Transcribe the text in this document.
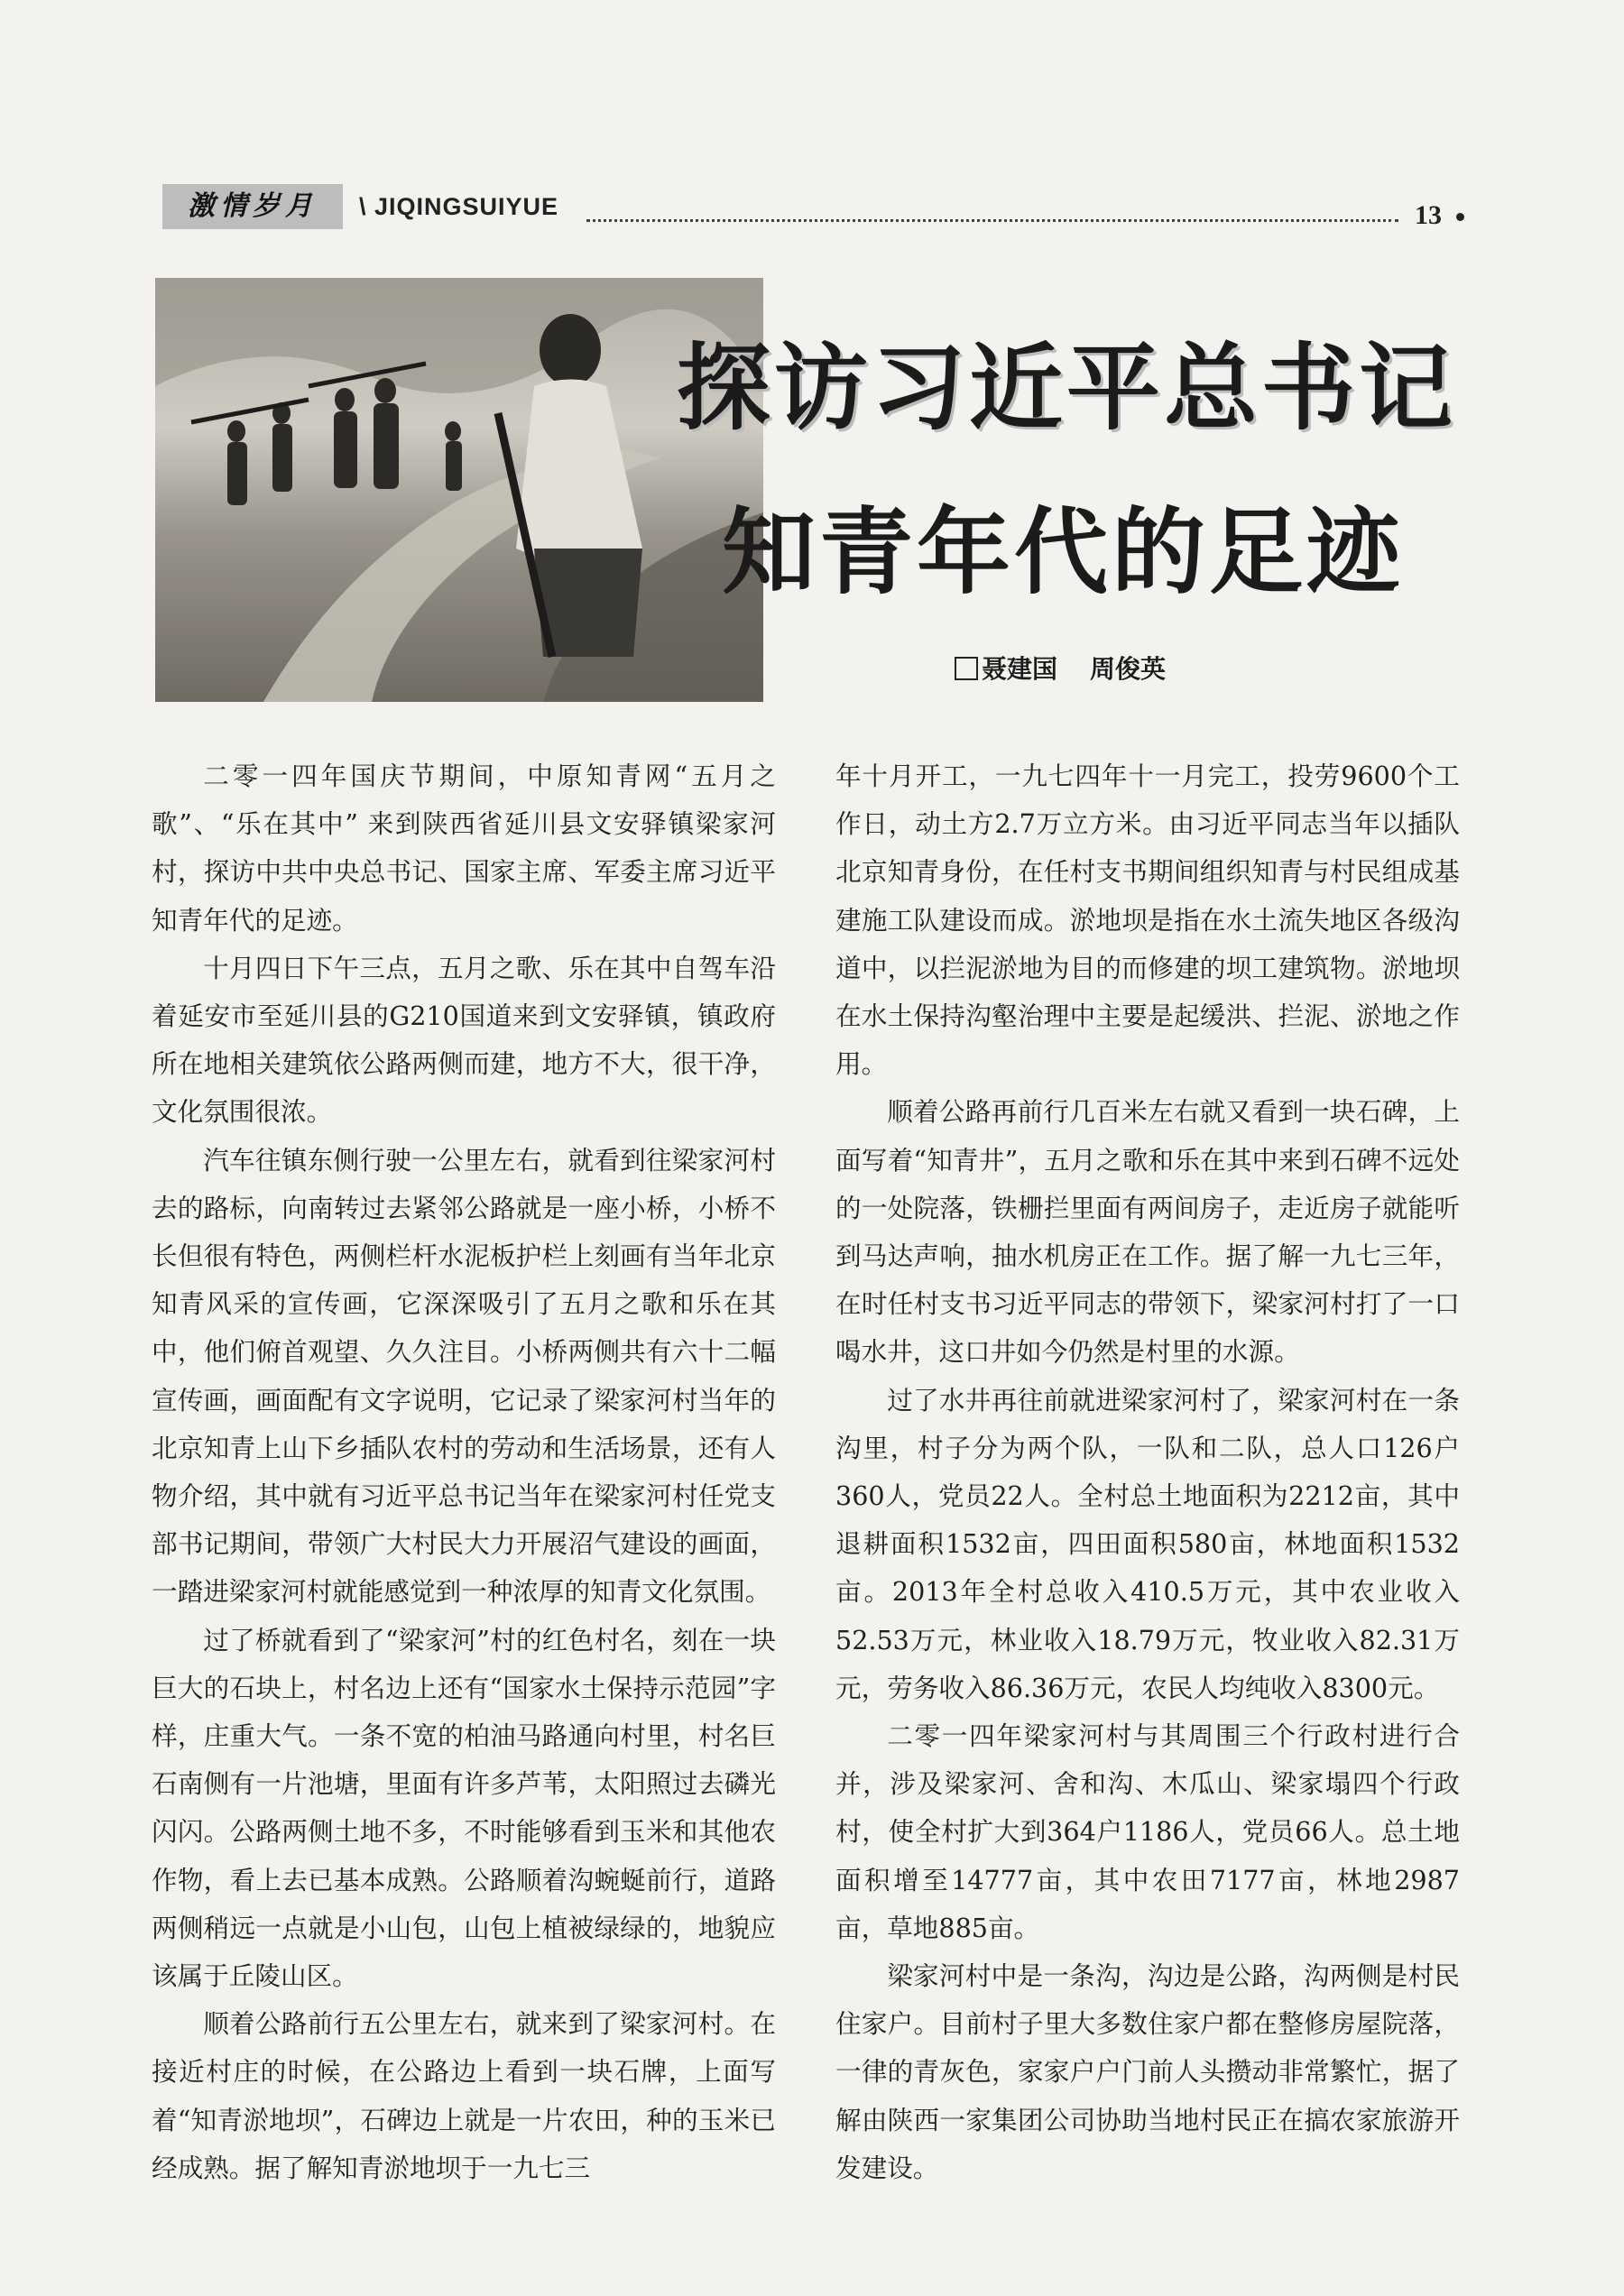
激情岁月	\ JIQINGSUIYUE	13
探访习近平总书记
知青年代的足迹
聂建国 周俊英

二零一四年国庆节期间，中原知青网“五月之歌”、“乐在其中” 来到陕西省延川县文安驿镇梁家河村，探访中共中央总书记、国家主席、军委主席习近平知青年代的足迹。

十月四日下午三点，五月之歌、乐在其中自驾车沿着延安市至延川县的G210国道来到文安驿镇，镇政府所在地相关建筑依公路两侧而建，地方不大，很干净，文化氛围很浓。

汽车往镇东侧行驶一公里左右，就看到往梁家河村去的路标，向南转过去紧邻公路就是一座小桥，小桥不长但很有特色，两侧栏杆水泥板护栏上刻画有当年北京知青风采的宣传画，它深深吸引了五月之歌和乐在其中，他们俯首观望、久久注目。小桥两侧共有六十二幅宣传画，画面配有文字说明，它记录了梁家河村当年的北京知青上山下乡插队农村的劳动和生活场景，还有人物介绍，其中就有习近平总书记当年在梁家河村任党支部书记期间，带领广大村民大力开展沼气建设的画面，一踏进梁家河村就能感觉到一种浓厚的知青文化氛围。

过了桥就看到了“梁家河”村的红色村名，刻在一块巨大的石块上，村名边上还有“国家水土保持示范园”字样，庄重大气。一条不宽的柏油马路通向村里，村名巨石南侧有一片池塘，里面有许多芦苇，太阳照过去磷光闪闪。公路两侧土地不多，不时能够看到玉米和其他农作物，看上去已基本成熟。公路顺着沟蜿蜒前行，道路两侧稍远一点就是小山包，山包上植被绿绿的，地貌应该属于丘陵山区。

顺着公路前行五公里左右，就来到了梁家河村。在接近村庄的时候，在公路边上看到一块石牌，上面写着“知青淤地坝”，石碑边上就是一片农田，种的玉米已经成熟。据了解知青淤地坝于一九七三

年十月开工，一九七四年十一月完工，投劳9600个工作日，动土方2.7万立方米。由习近平同志当年以插队北京知青身份，在任村支书期间组织知青与村民组成基建施工队建设而成。淤地坝是指在水土流失地区各级沟道中，以拦泥淤地为目的而修建的坝工建筑物。淤地坝在水土保持沟壑治理中主要是起缓洪、拦泥、淤地之作用。

顺着公路再前行几百米左右就又看到一块石碑，上面写着“知青井”，五月之歌和乐在其中来到石碑不远处的一处院落，铁栅拦里面有两间房子，走近房子就能听到马达声响，抽水机房正在工作。据了解一九七三年，在时任村支书习近平同志的带领下，梁家河村打了一口喝水井，这口井如今仍然是村里的水源。

过了水井再往前就进梁家河村了，梁家河村在一条沟里，村子分为两个队，一队和二队，总人口126户360人，党员22人。全村总土地面积为2212亩，其中退耕面积1532亩，四田面积580亩，林地面积1532亩。2013年全村总收入410.5万元，其中农业收入52.53万元，林业收入18.79万元，牧业收入82.31万元，劳务收入86.36万元，农民人均纯收入8300元。

二零一四年梁家河村与其周围三个行政村进行合并，涉及梁家河、舍和沟、木瓜山、梁家塌四个行政村，使全村扩大到364户1186人，党员66人。总土地面积增至14777亩，其中农田7177亩，林地2987亩，草地885亩。

梁家河村中是一条沟，沟边是公路，沟两侧是村民住家户。目前村子里大多数住家户都在整修房屋院落，一律的青灰色，家家户户门前人头攒动非常繁忙，据了解由陕西一家集团公司协助当地村民正在搞农家旅游开发建设。
